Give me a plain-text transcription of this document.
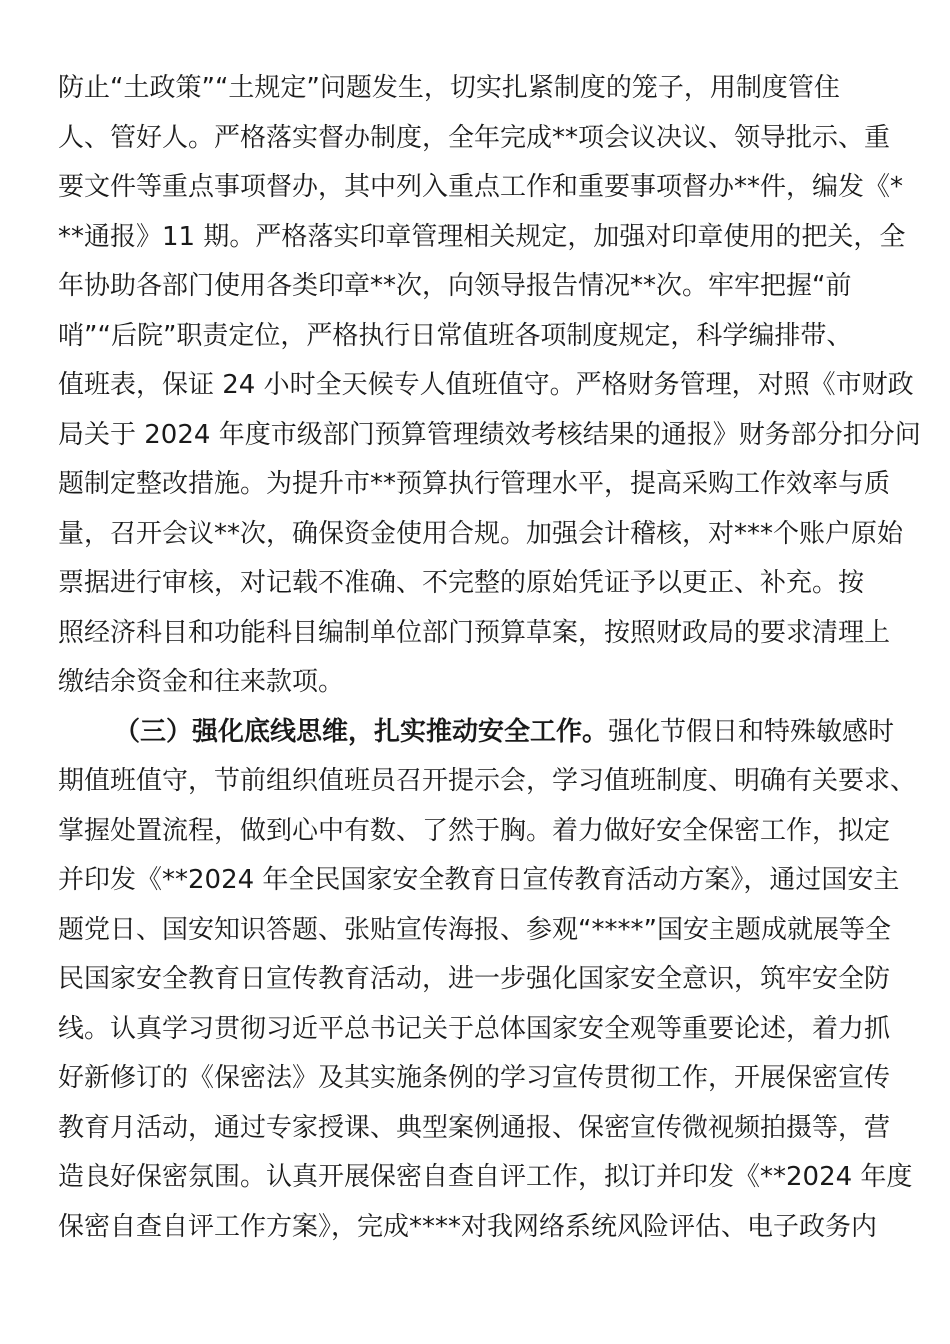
防止“土政策”“土规定”问题发生，切实扎紧制度的笼子，用制度管住
人、管好人。严格落实督办制度，全年完成**项会议决议、领导批示、重
要文件等重点事项督办，其中列入重点工作和重要事项督办**件，编发《*
**通报》11 期。严格落实印章管理相关规定，加强对印章使用的把关，全
年协助各部门使用各类印章**次，向领导报告情况**次。牢牢把握“前
哨”“后院”职责定位，严格执行日常值班各项制度规定，科学编排带、
值班表，保证 24 小时全天候专人值班值守。严格财务管理，对照《市财政
局关于 2024 年度市级部门预算管理绩效考核结果的通报》财务部分扣分问
题制定整改措施。为提升市**预算执行管理水平，提高采购工作效率与质
量，召开会议**次，确保资金使用合规。加强会计稽核，对***个账户原始
票据进行审核，对记载不准确、不完整的原始凭证予以更正、补充。按
照经济科目和功能科目编制单位部门预算草案，按照财政局的要求清理上
缴结余资金和往来款项。
（三）强化底线思维，扎实推动安全工作。强化节假日和特殊敏感时
期值班值守，节前组织值班员召开提示会，学习值班制度、明确有关要求、
掌握处置流程，做到心中有数、了然于胸。着力做好安全保密工作，拟定
并印发《**2024 年全民国家安全教育日宣传教育活动方案》，通过国安主
题党日、国安知识答题、张贴宣传海报、参观“****”国安主题成就展等全
民国家安全教育日宣传教育活动，进一步强化国家安全意识，筑牢安全防
线。认真学习贯彻习近平总书记关于总体国家安全观等重要论述，着力抓
好新修订的《保密法》及其实施条例的学习宣传贯彻工作，开展保密宣传
教育月活动，通过专家授课、典型案例通报、保密宣传微视频拍摄等，营
造良好保密氛围。认真开展保密自查自评工作，拟订并印发《**2024 年度
保密自查自评工作方案》，完成****对我网络系统风险评估、电子政务内
